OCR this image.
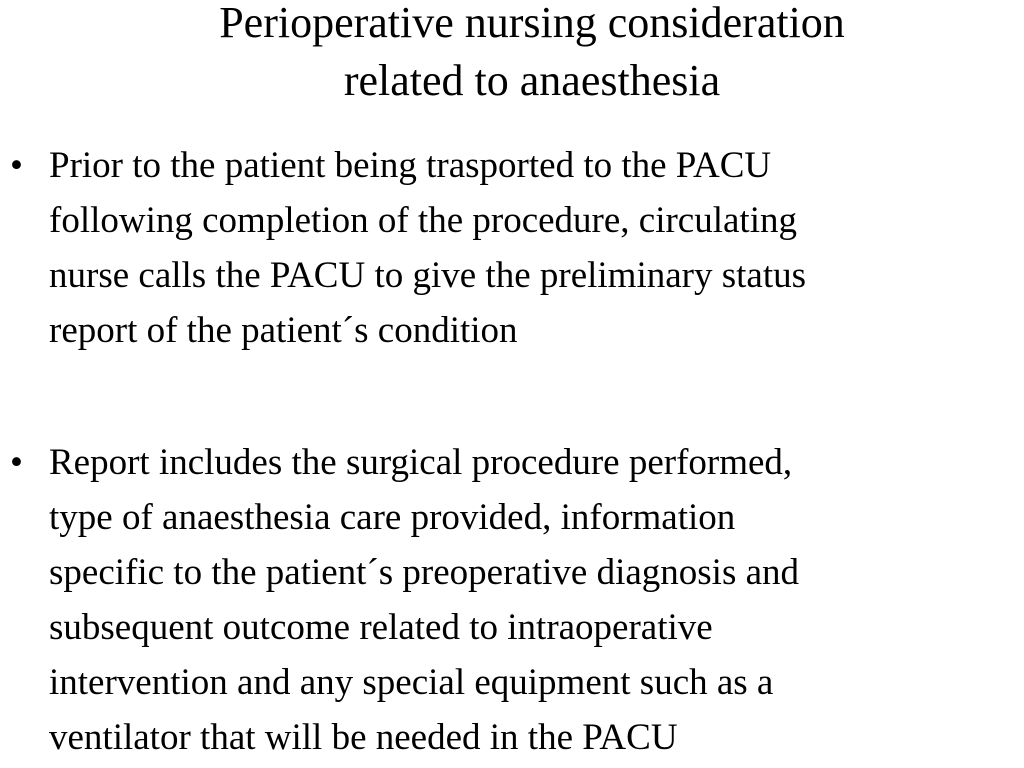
Perioperative nursing consideration
related to anaesthesia
• Prior to the patient being trasported to the PACU
following completion of the procedure, circulating
nurse calls the PACU to give the preliminary status
report of the patient´s condition
• Report includes the surgical procedure performed,
type of anaesthesia care provided, information
specific to the patient´s preoperative diagnosis and
subsequent outcome related to intraoperative
intervention and any special equipment such as a
ventilator that will be needed in the PACU
